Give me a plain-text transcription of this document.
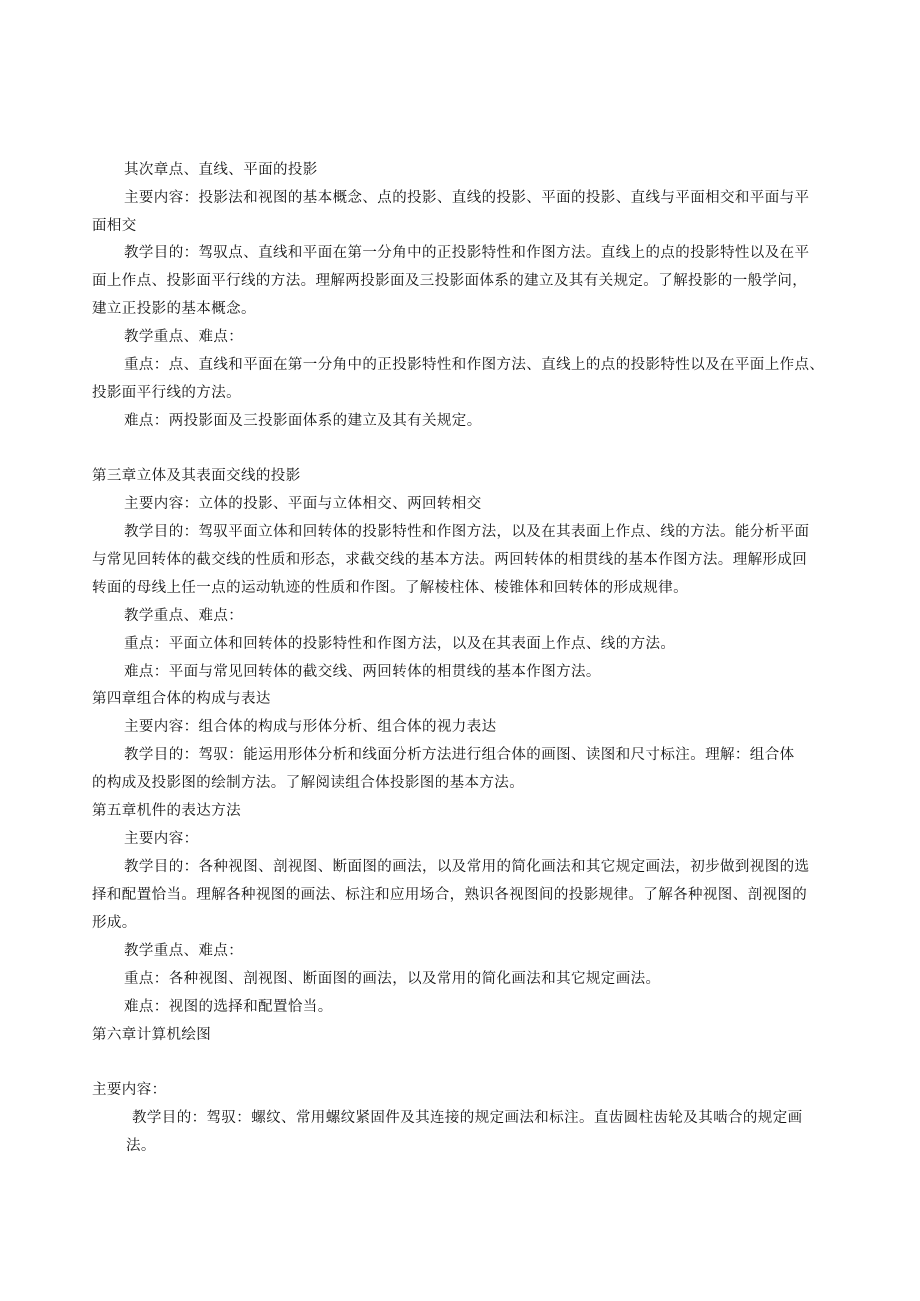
其次章点、直线、平面的投影
主要内容：投影法和视图的基本概念、点的投影、直线的投影、平面的投影、直线与平面相交和平面与平
面相交
教学目的：驾驭点、直线和平面在第一分角中的正投影特性和作图方法。直线上的点的投影特性以及在平
面上作点、投影面平行线的方法。理解两投影面及三投影面体系的建立及其有关规定。了解投影的一般学问，
建立正投影的基本概念。
教学重点、难点：
重点：点、直线和平面在第一分角中的正投影特性和作图方法、直线上的点的投影特性以及在平面上作点、
投影面平行线的方法。
难点：两投影面及三投影面体系的建立及其有关规定。
第三章立体及其表面交线的投影
主要内容：立体的投影、平面与立体相交、两回转相交
教学目的：驾驭平面立体和回转体的投影特性和作图方法，以及在其表面上作点、线的方法。能分析平面
与常见回转体的截交线的性质和形态，求截交线的基本方法。两回转体的相贯线的基本作图方法。理解形成回
转面的母线上任一点的运动轨迹的性质和作图。了解棱柱体、棱锥体和回转体的形成规律。
教学重点、难点：
重点：平面立体和回转体的投影特性和作图方法，以及在其表面上作点、线的方法。
难点：平面与常见回转体的截交线、两回转体的相贯线的基本作图方法。
第四章组合体的构成与表达
主要内容：组合体的构成与形体分析、组合体的视力表达
教学目的：驾驭：能运用形体分析和线面分析方法进行组合体的画图、读图和尺寸标注。理解：组合体
的构成及投影图的绘制方法。了解阅读组合体投影图的基本方法。
第五章机件的表达方法
主要内容：
教学目的：各种视图、剖视图、断面图的画法，以及常用的简化画法和其它规定画法，初步做到视图的选
择和配置恰当。理解各种视图的画法、标注和应用场合，熟识各视图间的投影规律。了解各种视图、剖视图的
形成。
教学重点、难点：
重点：各种视图、剖视图、断面图的画法，以及常用的简化画法和其它规定画法。
难点：视图的选择和配置恰当。
第六章计算机绘图
主要内容：
教学目的：驾驭：螺纹、常用螺纹紧固件及其连接的规定画法和标注。直齿圆柱齿轮及其啮合的规定画
法。
